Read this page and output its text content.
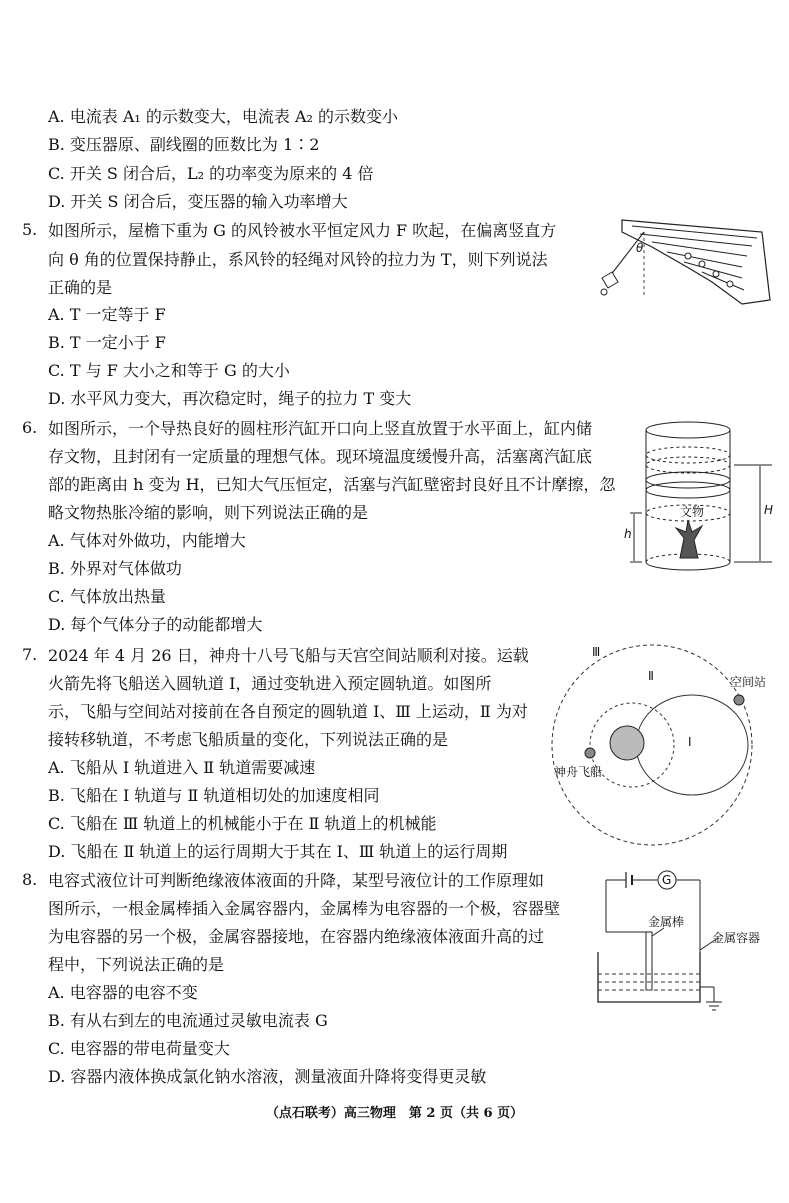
A. 电流表 A₁ 的示数变大，电流表 A₂ 的示数变小
B. 变压器原、副线圈的匝数比为 1∶2
C. 开关 S 闭合后，L₂ 的功率变为原来的 4 倍
D. 开关 S 闭合后，变压器的输入功率增大
5. 如图所示，屋檐下重为 G 的风铃被水平恒定风力 F 吹起，在偏离竖直方
向 θ 角的位置保持静止，系风铃的轻绳对风铃的拉力为 T，则下列说法
正确的是
A. T 一定等于 F
B. T 一定小于 F
C. T 与 F 大小之和等于 G 的大小
D. 水平风力变大，再次稳定时，绳子的拉力 T 变大
θ
6. 如图所示，一个导热良好的圆柱形汽缸开口向上竖直放置于水平面上，缸内储
存文物，且封闭有一定质量的理想气体。现环境温度缓慢升高，活塞离汽缸底
部的距离由 h 变为 H，已知大气压恒定，活塞与汽缸壁密封良好且不计摩擦，忽
略文物热胀冷缩的影响，则下列说法正确的是
A. 气体对外做功，内能增大
B. 外界对气体做功
C. 气体放出热量
D. 每个气体分子的动能都增大
文物
h
H
7. 2024 年 4 月 26 日，神舟十八号飞船与天宫空间站顺利对接。运载
火箭先将飞船送入圆轨道 Ⅰ，通过变轨进入预定圆轨道。如图所
示，飞船与空间站对接前在各自预定的圆轨道 Ⅰ、Ⅲ 上运动，Ⅱ 为对
接转移轨道，不考虑飞船质量的变化，下列说法正确的是
A. 飞船从 Ⅰ 轨道进入 Ⅱ 轨道需要减速
B. 飞船在 Ⅰ 轨道与 Ⅱ 轨道相切处的加速度相同
C. 飞船在 Ⅲ 轨道上的机械能小于在 Ⅱ 轨道上的机械能
D. 飞船在 Ⅱ 轨道上的运行周期大于其在 Ⅰ、Ⅲ 轨道上的运行周期
Ⅲ
Ⅱ
Ⅰ
空间站
神舟飞船
8. 电容式液位计可判断绝缘液体液面的升降，某型号液位计的工作原理如
图所示，一根金属棒插入金属容器内，金属棒为电容器的一个极，容器壁
为电容器的另一个极，金属容器接地，在容器内绝缘液体液面升高的过
程中，下列说法正确的是
A. 电容器的电容不变
B. 有从右到左的电流通过灵敏电流表 G
C. 电容器的带电荷量变大
D. 容器内液体换成氯化钠水溶液，测量液面升降将变得更灵敏
G
金属棒
金属容器
（点石联考）高三物理　第 2 页（共 6 页）
